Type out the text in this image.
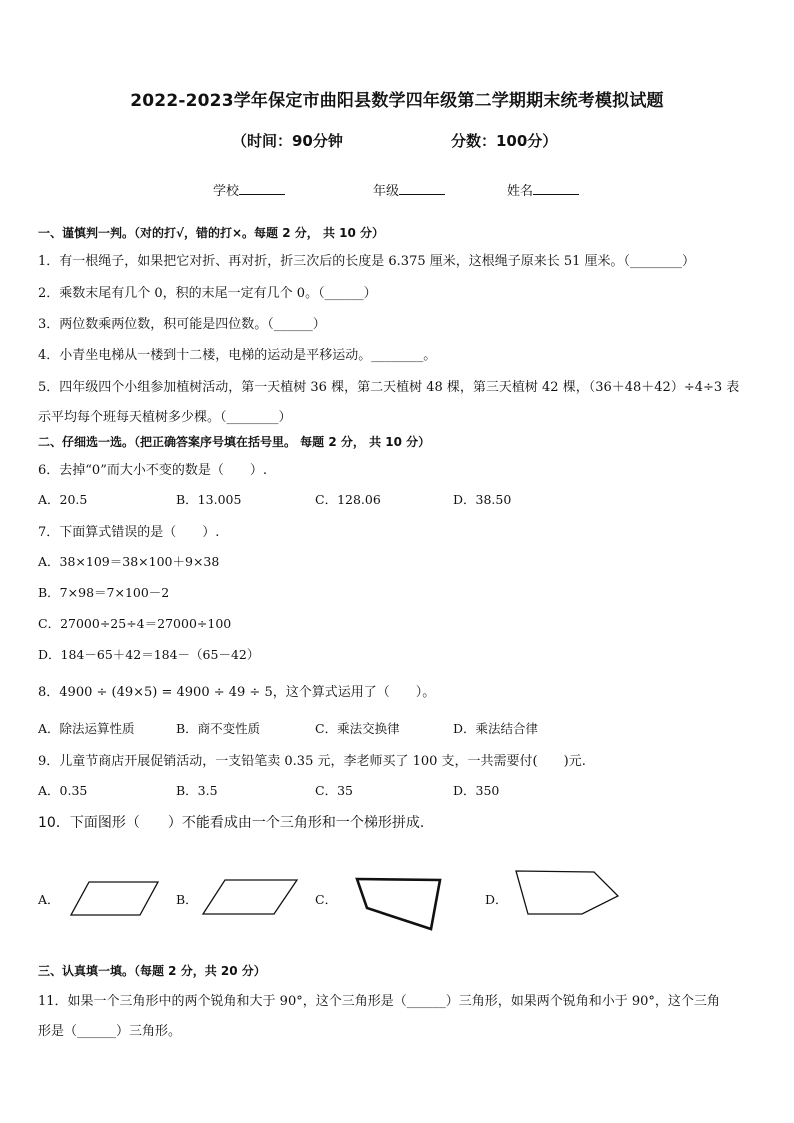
2022-2023学年保定市曲阳县数学四年级第二学期期末统考模拟试题
（时间：90分钟	分数：100分）
学校	年级	姓名
一、谨慎判一判。（对的打√，错的打×。每题 2 分， 共 10 分）
1．有一根绳子，如果把它对折、再对折，折三次后的长度是 6.375 厘米，这根绳子原来长 51 厘米。（________）
2．乘数末尾有几个 0，积的末尾一定有几个 0。（______）
3．两位数乘两位数，积可能是四位数。（______）
4．小青坐电梯从一楼到十二楼，电梯的运动是平移运动。________。
5．四年级四个小组参加植树活动，第一天植树 36 棵，第二天植树 48 棵，第三天植树 42 棵，（36＋48＋42）÷4÷3 表
示平均每个班每天植树多少棵。（________）
二、仔细选一选。（把正确答案序号填在括号里。 每题 2 分， 共 10 分）
6．去掉“0”而大小不变的数是（　　）.
A．20.5	B．13.005	C．128.06	D．38.50
7．下面算式错误的是（　　）.
A．38×109＝38×100＋9×38
B．7×98＝7×100－2
C．27000÷25÷4＝27000÷100
D．184－65＋42＝184－（65－42）
8．4900 ÷ (49×5) = 4900 ÷ 49 ÷ 5，这个算式运用了（　　）。
A．除法运算性质	B．商不变性质	C．乘法交换律	D．乘法结合律
9．儿童节商店开展促销活动，一支铅笔卖 0.35 元，李老师买了 100 支，一共需要付(　　)元.
A．0.35	B．3.5	C．35	D．350
10．下面图形（　　）不能看成由一个三角形和一个梯形拼成.
A．	B．	C．	D．
三、认真填一填。（每题 2 分，共 20 分）
11．如果一个三角形中的两个锐角和大于 90°，这个三角形是（______）三角形，如果两个锐角和小于 90°，这个三角
形是（______）三角形。
